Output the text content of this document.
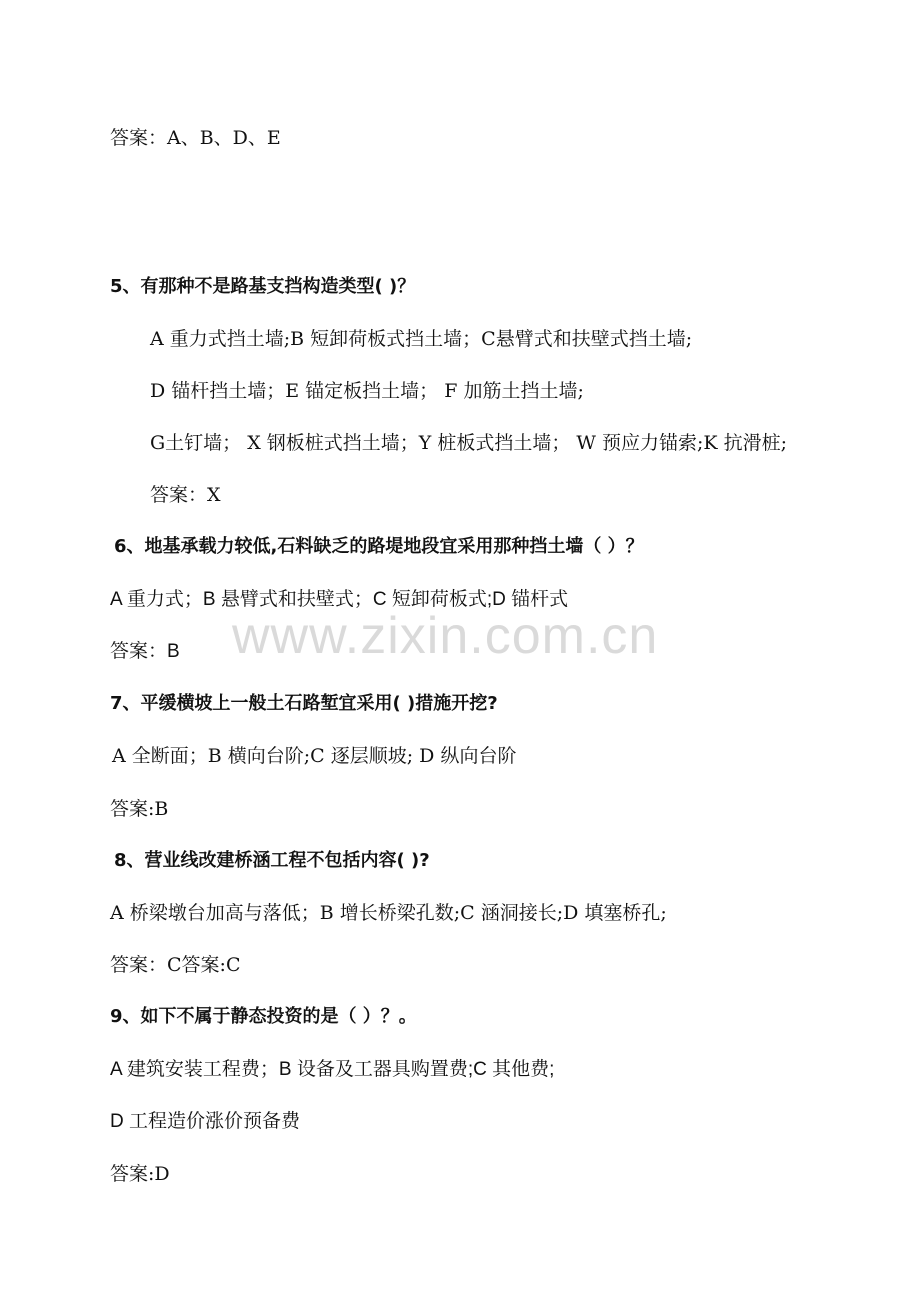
答案：A、B、D、E
5、有那种不是路基支挡构造类型( )？
A 重力式挡土墙;B 短卸荷板式挡土墙；C悬臂式和扶壁式挡土墙;
D 锚杆挡土墙；E 锚定板挡土墙； F 加筋土挡土墙;
G土钉墙； X 钢板桩式挡土墙；Y 桩板式挡土墙； W 预应力锚索;K 抗滑桩;
答案：X
6、地基承载力较低,石料缺乏的路堤地段宜采用那种挡土墙（ ）？
A 重力式；B 悬臂式和扶壁式；C 短卸荷板式;D 锚杆式
答案：B
7、平缓横坡上一般土石路堑宜采用( )措施开挖?
A 全断面；B 横向台阶;C 逐层顺坡; D 纵向台阶
答案:B
8、营业线改建桥涵工程不包括内容( )?
A 桥梁墩台加高与落低；B 增长桥梁孔数;C 涵洞接长;D 填塞桥孔;
答案：C答案:C
9、如下不属于静态投资的是（ ）？。
A 建筑安装工程费；B 设备及工器具购置费;C 其他费;
D 工程造价涨价预备费
答案:D
www.zixin.com.cn
